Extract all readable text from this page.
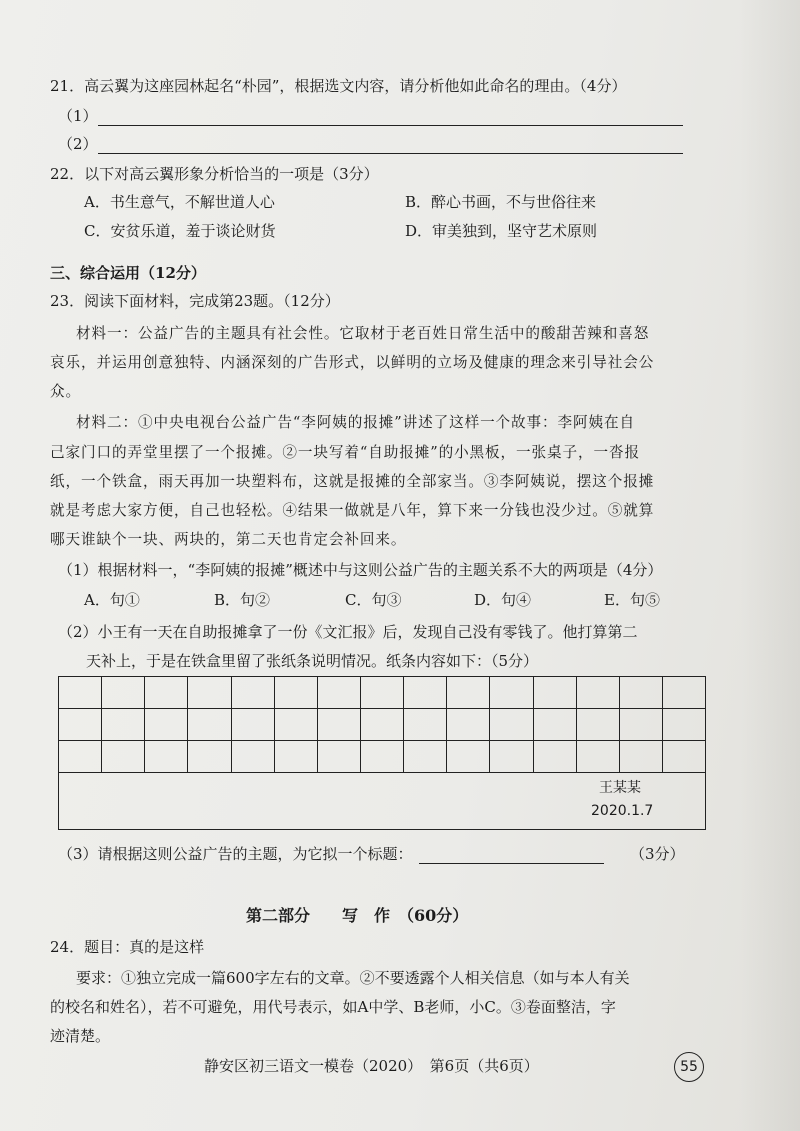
21．高云翼为这座园林起名“朴园”，根据选文内容，请分析他如此命名的理由。（4分）
（1）
（2）
22．以下对高云翼形象分析恰当的一项是（3分）
A．书生意气，不解世道人心	B．醉心书画，不与世俗往来
C．安贫乐道，羞于谈论财货	D．审美独到，坚守艺术原则
三、综合运用（12分）
23．阅读下面材料，完成第23题。（12分）
材料一：公益广告的主题具有社会性。它取材于老百姓日常生活中的酸甜苦辣和喜怒
哀乐，并运用创意独特、内涵深刻的广告形式，以鲜明的立场及健康的理念来引导社会公
众。
材料二：①中央电视台公益广告“李阿姨的报摊”讲述了这样一个故事：李阿姨在自
己家门口的弄堂里摆了一个报摊。②一块写着“自助报摊”的小黑板，一张桌子，一沓报
纸，一个铁盒，雨天再加一块塑料布，这就是报摊的全部家当。③李阿姨说，摆这个报摊
就是考虑大家方便，自己也轻松。④结果一做就是八年，算下来一分钱也没少过。⑤就算
哪天谁缺个一块、两块的，第二天也肯定会补回来。
（1）根据材料一，“李阿姨的报摊”概述中与这则公益广告的主题关系不大的两项是（4分）
A．句①	B．句②	C．句③	D．句④	E．句⑤
（2）小王有一天在自助报摊拿了一份《文汇报》后，发现自己没有零钱了。他打算第二
天补上，于是在铁盒里留了张纸条说明情况。纸条内容如下：（5分）
王某某
2020.1.7
（3）请根据这则公益广告的主题，为它拟一个标题：	（3分）
第二部分　　写　作　（60分）
24．题目：真的是这样
要求：①独立完成一篇600字左右的文章。②不要透露个人相关信息（如与本人有关
的校名和姓名），若不可避免，用代号表示，如A中学、B老师，小C。③卷面整洁，字
迹清楚。
静安区初三语文一模卷（2020）　第6页（共6页）	55
